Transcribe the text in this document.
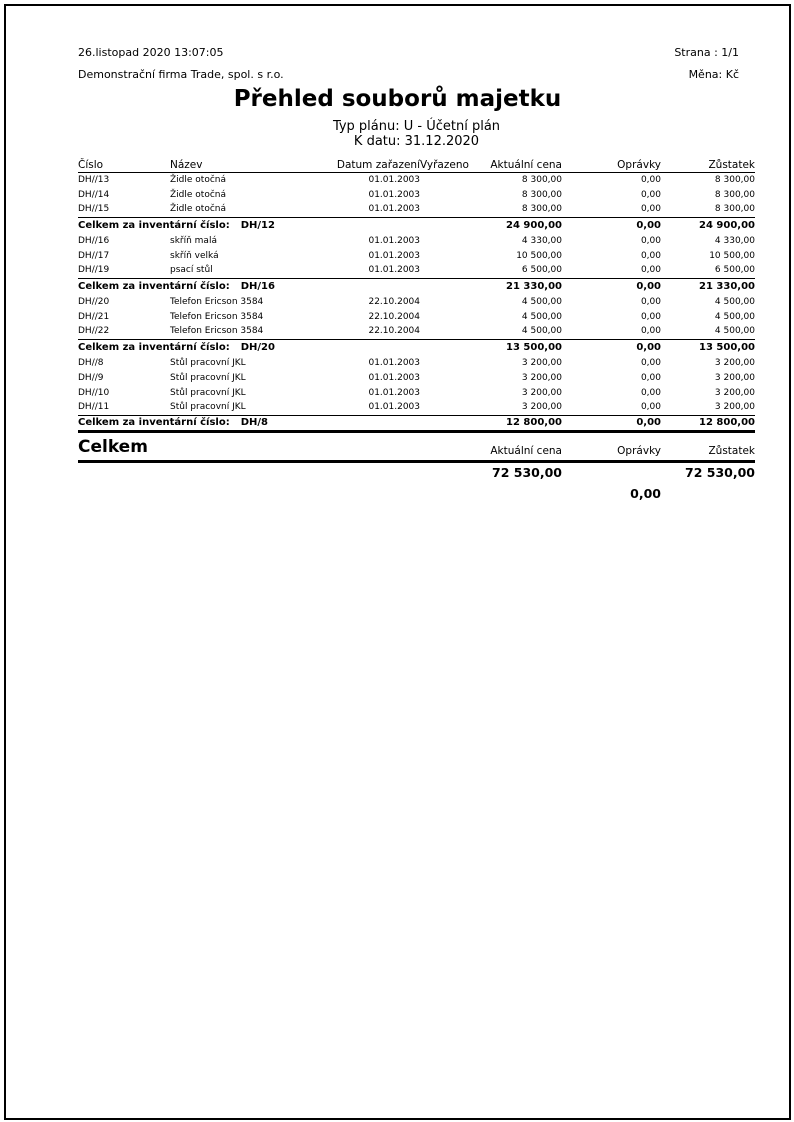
26.listopad 2020 13:07:05
Demonstrační firma Trade, spol. s r.o.
Strana : 1/1
Měna: Kč
Přehled souborů majetku
Typ plánu: U - Účetní plán
K datu: 31.12.2020
Číslo	Název	Datum zařazení	Vyřazeno	Aktuální cena	Oprávky	Zůstatek
DH//13	Židle otočná	01.01.2003		8 300,00	0,00	8 300,00
DH//14	Židle otočná	01.01.2003		8 300,00	0,00	8 300,00
DH//15	Židle otočná	01.01.2003		8 300,00	0,00	8 300,00
Celkem za inventární číslo: DH/12				24 900,00	0,00	24 900,00
DH//16	skříň malá	01.01.2003		4 330,00	0,00	4 330,00
DH//17	skříň velká	01.01.2003		10 500,00	0,00	10 500,00
DH//19	psací stůl	01.01.2003		6 500,00	0,00	6 500,00
Celkem za inventární číslo: DH/16				21 330,00	0,00	21 330,00
DH//20	Telefon Ericson 3584	22.10.2004		4 500,00	0,00	4 500,00
DH//21	Telefon Ericson 3584	22.10.2004		4 500,00	0,00	4 500,00
DH//22	Telefon Ericson 3584	22.10.2004		4 500,00	0,00	4 500,00
Celkem za inventární číslo: DH/20				13 500,00	0,00	13 500,00
DH//8	Stůl pracovní JKL	01.01.2003		3 200,00	0,00	3 200,00
DH//9	Stůl pracovní JKL	01.01.2003		3 200,00	0,00	3 200,00
DH//10	Stůl pracovní JKL	01.01.2003		3 200,00	0,00	3 200,00
DH//11	Stůl pracovní JKL	01.01.2003		3 200,00	0,00	3 200,00
Celkem za inventární číslo: DH/8				12 800,00	0,00	12 800,00
Celkem	Aktuální cena	Oprávky	Zůstatek
	72 530,00		72 530,00
		0,00	
